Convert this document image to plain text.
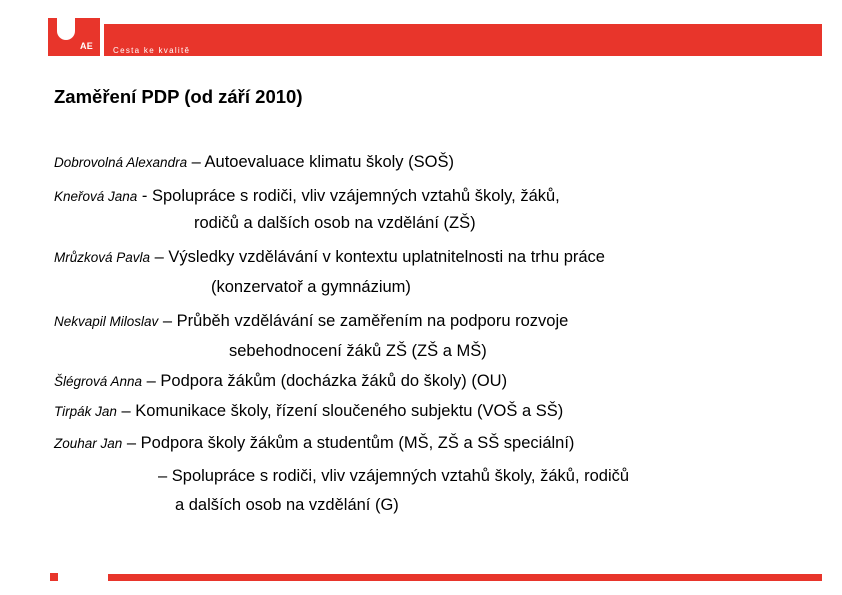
AE	Cesta ke kvalitě
Zaměření PDP (od září 2010)
Dobrovolná Alexandra – Autoevaluace klimatu školy (SOŠ)
Kneřová Jana - Spolupráce s rodiči, vliv vzájemných vztahů školy, žáků,
rodičů a dalších osob na vzdělání (ZŠ)
Mrůzková Pavla – Výsledky vzdělávání v kontextu uplatnitelnosti na trhu práce
(konzervatoř a gymnázium)
Nekvapil Miloslav – Průběh vzdělávání se zaměřením na podporu rozvoje
sebehodnocení žáků ZŠ (ZŠ a MŠ)
Šlégrová Anna – Podpora žákům (docházka žáků do školy) (OU)
Tirpák Jan – Komunikace školy, řízení sloučeného subjektu (VOŠ a SŠ)
Zouhar Jan – Podpora školy žákům a studentům (MŠ, ZŠ a SŠ speciální)
– Spolupráce s rodiči, vliv vzájemných vztahů školy, žáků, rodičů
a dalších osob na vzdělání (G)
